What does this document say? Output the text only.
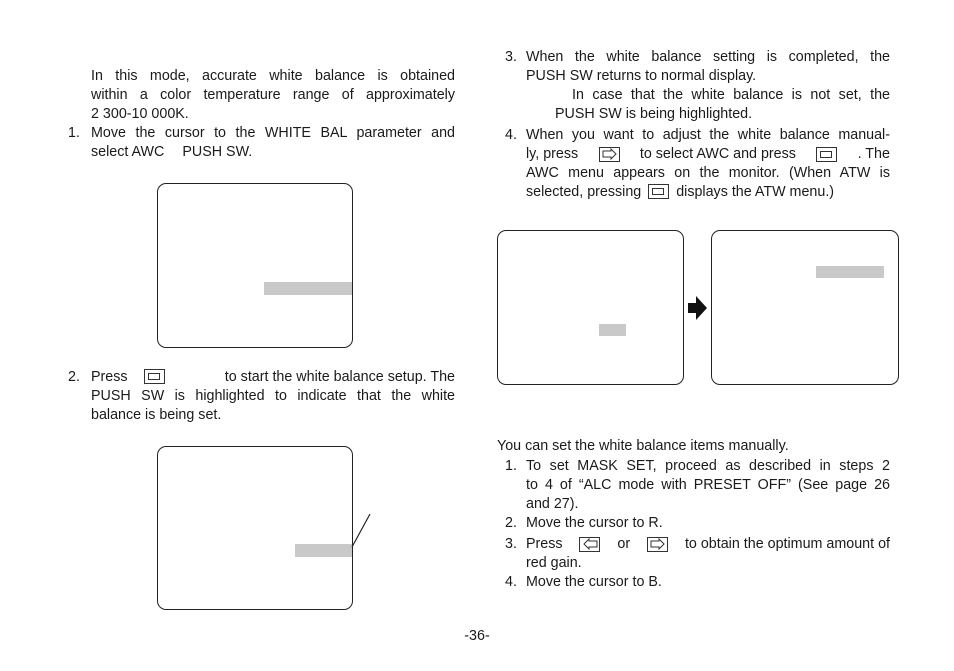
In this mode, accurate white balance is obtained
within a color temperature range of approximately
2 300-10 000K.
1. Move the cursor to the WHITE BAL parameter and
select AWC PUSH SW.
2. Press	to start the white balance setup. The
PUSH SW is highlighted to indicate that the white
balance is being set.
3. When the white balance setting is completed, the
PUSH SW returns to normal display.
In case that the white balance is not set, the
PUSH SW is being highlighted.
4. When you want to adjust the white balance manual-
ly, press	to select AWC and press	. The
AWC menu appears on the monitor. (When ATW is
selected, pressing displays the ATW menu.)
You can set the white balance items manually.
1. To set MASK SET, proceed as described in steps 2
to 4 of “ALC mode with PRESET OFF” (See page 26
and 27).
2. Move the cursor to R.
3. Press	or	to obtain the optimum amount of
red gain.
4. Move the cursor to B.
-36-
